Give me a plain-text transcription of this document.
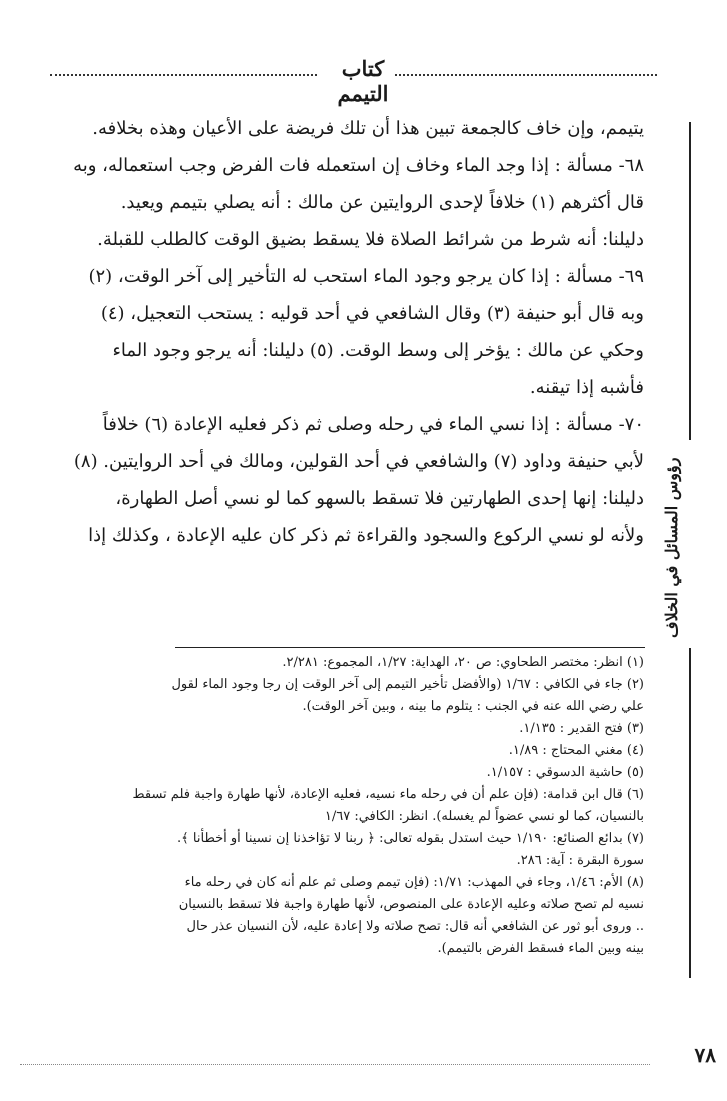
كتاب التيمم
رؤوس المسائل في الخلاف
يتيمم، وإن خاف كالجمعة تبين هذا أن تلك فريضة على الأعيان وهذه بخلافه.
٦٨- مسألة : إذا وجد الماء وخاف إن استعمله فات الفرض وجب استعماله، وبه
قال أكثرهم (١) خلافاً لإحدى الروايتين عن مالك : أنه يصلي بتيمم ويعيد.
دليلنا: أنه شرط من شرائط الصلاة فلا يسقط بضيق الوقت كالطلب للقبلة.
٦٩- مسألة : إذا كان يرجو وجود الماء استحب له التأخير إلى آخر الوقت، (٢)
وبه قال أبو حنيفة (٣) وقال الشافعي في أحد قوليه : يستحب التعجيل، (٤)
وحكي عن مالك : يؤخر إلى وسط الوقت. (٥) دليلنا: أنه يرجو وجود الماء
فأشبه إذا تيقنه.
٧٠- مسألة : إذا نسي الماء في رحله وصلى ثم ذكر فعليه الإعادة (٦) خلافاً
لأبي حنيفة وداود (٧) والشافعي في أحد القولين، ومالك في أحد الروايتين. (٨)
دليلنا: إنها إحدى الطهارتين فلا تسقط بالسهو كما لو نسي أصل الطهارة،
ولأنه لو نسي الركوع والسجود والقراءة ثم ذكر كان عليه الإعادة ، وكذلك إذا
(١) انظر: مختصر الطحاوي: ص ٢٠، الهداية: ١/٢٧، المجموع: ٢/٢٨١.
(٢) جاء في الكافي : ١/٦٧ (والأفضل تأخير التيمم إلى آخر الوقت إن رجا وجود الماء لقول
علي رضي الله عنه في الجنب : يتلوم ما بينه ، وبين آخر الوقت).
(٣) فتح القدير : ١/١٣٥.
(٤) مغني المحتاج : ١/٨٩.
(٥) حاشية الدسوقي : ١/١٥٧.
(٦) قال ابن قدامة: (فإن علم أن في رحله ماء نسيه، فعليه الإعادة، لأنها طهارة واجبة فلم تسقط
بالنسيان، كما لو نسي عضواً لم يغسله). انظر: الكافي: ١/٦٧
(٧) بدائع الصنائع: ١/١٩٠ حيث استدل بقوله تعالى: ﴿ ربنا لا تؤاخذنا إن نسينا أو أخطأنا ﴾.
سورة البقرة : آية: ٢٨٦.
(٨) الأم: ١/٤٦، وجاء في المهذب: ١/٧١: (فإن تيمم وصلى ثم علم أنه كان في رحله ماء
نسيه لم تصح صلاته وعليه الإعادة على المنصوص، لأنها طهارة واجبة فلا تسقط بالنسيان
.. وروى أبو ثور عن الشافعي أنه قال: تصح صلاته ولا إعادة عليه، لأن النسيان عذر حال
بينه وبين الماء فسقط الفرض بالتيمم).
٧٨
